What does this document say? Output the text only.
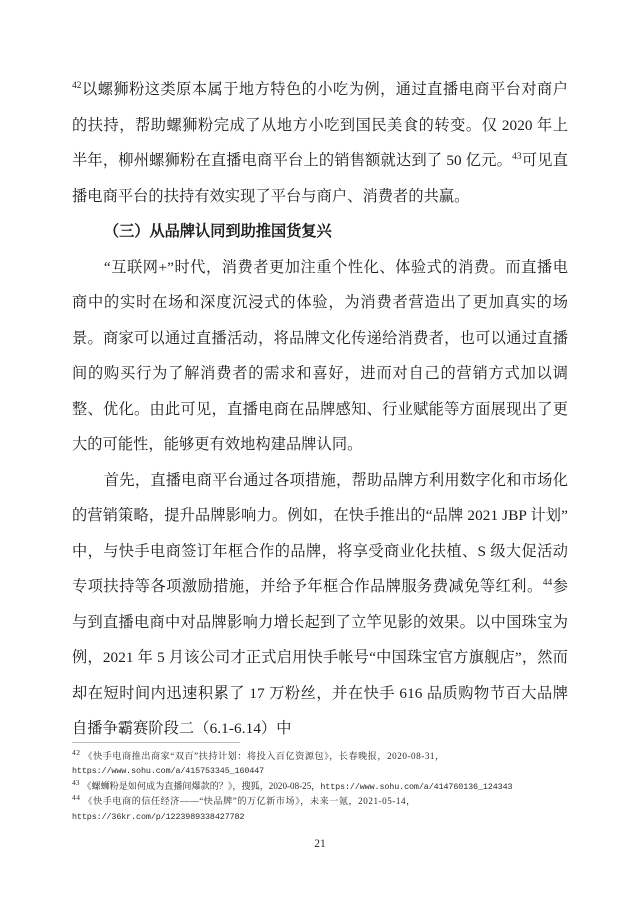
$^{42}$以螺狮粉这类原本属于地方特色的小吃为例，通过直播电商平台对商户的扶持，帮助螺狮粉完成了从地方小吃到国民美食的转变。仅 2020 年上半年，柳州螺狮粉在直播电商平台上的销售额就达到了 50 亿元。$^{43}$可见直播电商平台的扶持有效实现了平台与商户、消费者的共赢。

（三）从品牌认同到助推国货复兴

“互联网+”时代，消费者更加注重个性化、体验式的消费。而直播电商中的实时在场和深度沉浸式的体验，为消费者营造出了更加真实的场景。商家可以通过直播活动，将品牌文化传递给消费者，也可以通过直播间的购买行为了解消费者的需求和喜好，进而对自己的营销方式加以调整、优化。由此可见，直播电商在品牌感知、行业赋能等方面展现出了更大的可能性，能够更有效地构建品牌认同。

首先，直播电商平台通过各项措施，帮助品牌方利用数字化和市场化的营销策略，提升品牌影响力。例如，在快手推出的“品牌 2021 JBP 计划”中，与快手电商签订年框合作的品牌，将享受商业化扶植、S 级大促活动专项扶持等各项激励措施，并给予年框合作品牌服务费减免等红利。$^{44}$参与到直播电商中对品牌影响力增长起到了立竿见影的效果。以中国珠宝为例，2021 年 5 月该公司才正式启用快手帐号“中国珠宝官方旗舰店”，然而却在短时间内迅速积累了 17 万粉丝，并在快手 616 品质购物节百大品牌自播争霸赛阶段二（6.1-6.14）中

$^{42}$ 《快手电商推出商家“双百”扶持计划：将投入百亿资源包》，长春晚报，2020-08-31，

https://www.sohu.com/a/415753345_160447

$^{43}$ 《螺蛳粉是如何成为直播间爆款的？》，搜狐，2020-08-25，https://www.sohu.com/a/414760136_124343

$^{44}$ 《快手电商的信任经济——“快品牌”的万亿新市场》，未来一氪，2021-05-14，

https://36kr.com/p/1223989338427782

21
